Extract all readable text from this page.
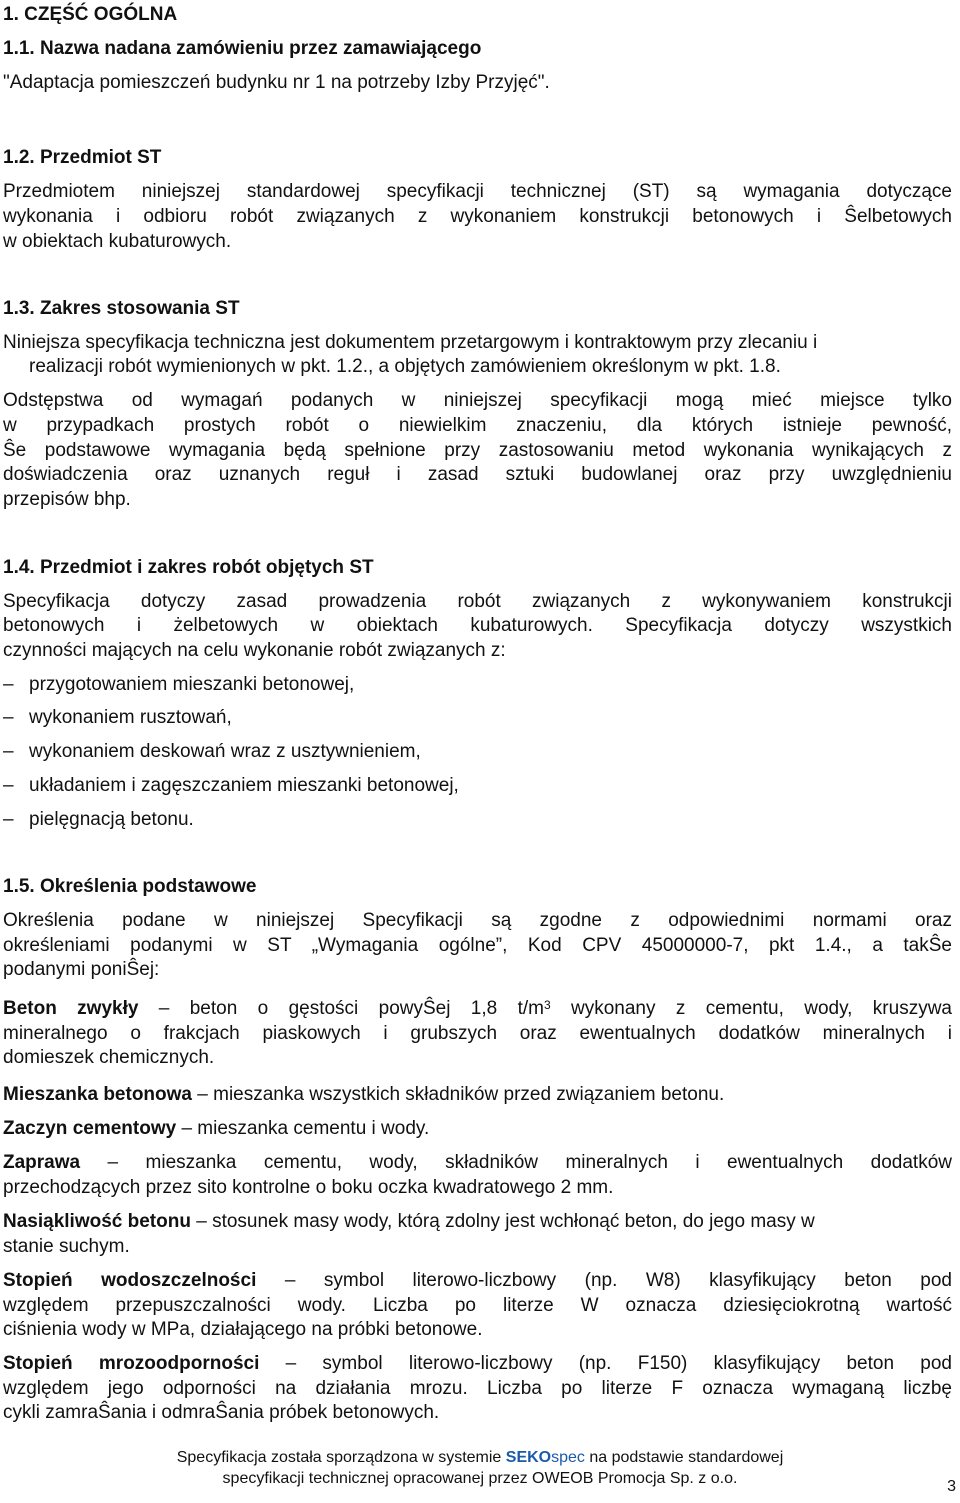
1. CZĘŚĆ OGÓLNA
1.1. Nazwa nadana zamówieniu przez zamawiającego
"Adaptacja pomieszczeń budynku nr 1 na potrzeby Izby Przyjęć".
1.2. Przedmiot ST
Przedmiotem niniejszej standardowej specyfikacji technicznej (ST) są wymagania dotyczące
wykonania i odbioru robót związanych z wykonaniem konstrukcji betonowych i Ŝelbetowych
w obiektach kubaturowych.
1.3. Zakres stosowania ST
Niniejsza specyfikacja techniczna jest dokumentem przetargowym i kontraktowym przy zlecaniu i
realizacji robót wymienionych w pkt. 1.2., a objętych zamówieniem określonym w pkt. 1.8.
Odstępstwa od wymagań podanych w niniejszej specyfikacji mogą mieć miejsce tylko
w przypadkach prostych robót o niewielkim znaczeniu, dla których istnieje pewność,
Ŝe podstawowe wymagania będą spełnione przy zastosowaniu metod wykonania wynikających z
doświadczenia oraz uznanych reguł i zasad sztuki budowlanej oraz przy uwzględnieniu
przepisów bhp.
1.4. Przedmiot i zakres robót objętych ST
Specyfikacja dotyczy zasad prowadzenia robót związanych z wykonywaniem konstrukcji
betonowych i żelbetowych w obiektach kubaturowych. Specyfikacja dotyczy wszystkich
czynności mających na celu wykonanie robót związanych z:
– przygotowaniem mieszanki betonowej,
– wykonaniem rusztowań,
– wykonaniem deskowań wraz z usztywnieniem,
– układaniem i zagęszczaniem mieszanki betonowej,
– pielęgnacją betonu.
1.5. Określenia podstawowe
Określenia podane w niniejszej Specyfikacji są zgodne z odpowiednimi normami oraz
określeniami podanymi w ST „Wymagania ogólne”, Kod CPV 45000000-7, pkt 1.4., a takŜe
podanymi poniŜej:
Beton zwykły – beton o gęstości powyŜej 1,8 $t/m^3$ wykonany z cementu, wody, kruszywa
mineralnego o frakcjach piaskowych i grubszych oraz ewentualnych dodatków mineralnych i
domieszek chemicznych.
Mieszanka betonowa – mieszanka wszystkich składników przed związaniem betonu.
Zaczyn cementowy – mieszanka cementu i wody.
Zaprawa – mieszanka cementu, wody, składników mineralnych i ewentualnych dodatków
przechodzących przez sito kontrolne o boku oczka kwadratowego 2 mm.
Nasiąkliwość betonu – stosunek masy wody, którą zdolny jest wchłonąć beton, do jego masy w
stanie suchym.
Stopień wodoszczelności – symbol literowo-liczbowy (np. W8) klasyfikujący beton pod
względem przepuszczalności wody. Liczba po literze W oznacza dziesięciokrotną wartość
ciśnienia wody w MPa, działającego na próbki betonowe.
Stopień mrozoodporności – symbol literowo-liczbowy (np. F150) klasyfikujący beton pod
względem jego odporności na działania mrozu. Liczba po literze F oznacza wymaganą liczbę
cykli zamraŜania i odmraŜania próbek betonowych.
Specyfikacja została sporządzona w systemie SEKOspec na podstawie standardowej
specyfikacji technicznej opracowanej przez OWEOB Promocja Sp. z o.o.	3
